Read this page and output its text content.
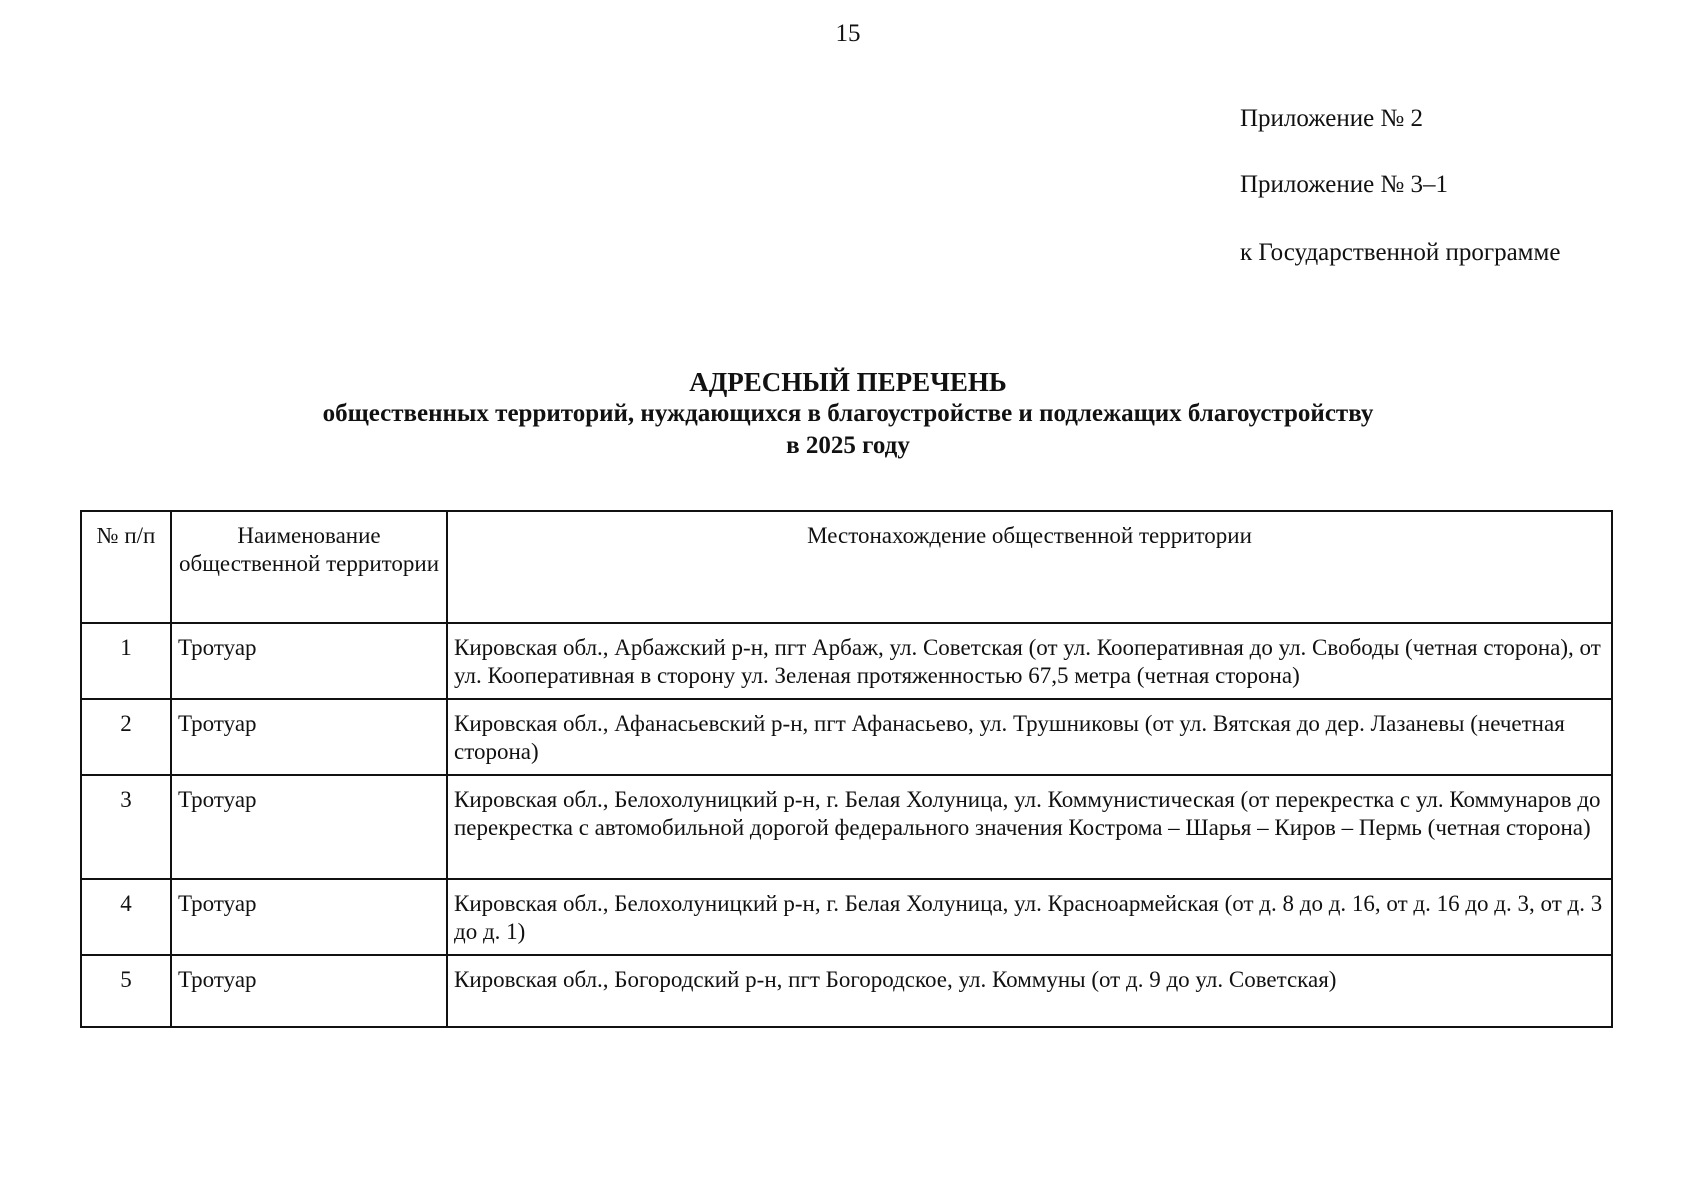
15
Приложение № 2
Приложение № 3–1
к Государственной программе
АДРЕСНЫЙ ПЕРЕЧЕНЬ
общественных территорий, нуждающихся в благоустройстве и подлежащих благоустройству
в 2025 году
№ п/п	Наименование общественной территории	Местонахождение общественной территории
1	Тротуар	Кировская обл., Арбажский р-н, пгт Арбаж, ул. Советская (от ул. Кооперативная до ул. Свободы (четная сторона), от ул. Кооперативная в сторону ул. Зеленая протяженностью 67,5 метра (четная сторона)
2	Тротуар	Кировская обл., Афанасьевский р-н, пгт Афанасьево, ул. Трушниковы (от ул. Вятская до дер. Лазаневы (нечетная сторона)
3	Тротуар	Кировская обл., Белохолуницкий р-н, г. Белая Холуница, ул. Коммунистическая (от перекрестка с ул. Коммунаров до перекрестка с автомобильной дорогой федерального значения Кострома – Шарья – Киров – Пермь (четная сторона)
4	Тротуар	Кировская обл., Белохолуницкий р-н, г. Белая Холуница, ул. Красноармейская (от д. 8 до д. 16, от д. 16 до д. 3, от д. 3 до д. 1)
5	Тротуар	Кировская обл., Богородский р-н, пгт Богородское, ул. Коммуны (от д. 9 до ул. Советская)
